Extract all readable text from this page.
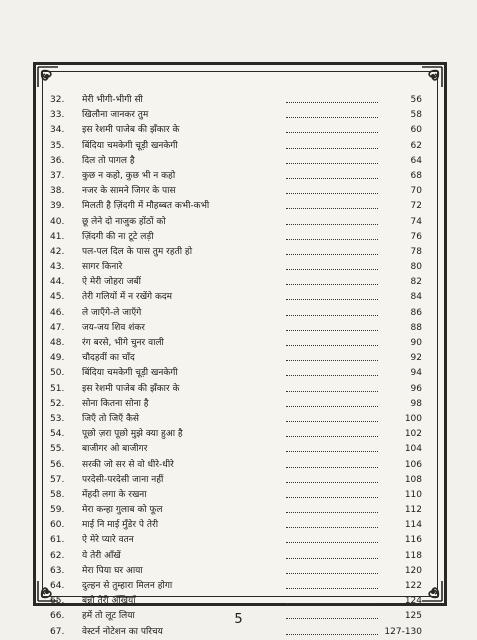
32.	मेरी भीगी-भीगी सी	56
33.	खिलौना जानकर तुम	58
34.	इस रेशमी पाजेब की झँकार के	60
35.	बिंदिया चमकेगी चूड़ी खनकेगी	62
36.	दिल तो पागल है	64
37.	कुछ न कहो, कुछ भी न कहो	68
38.	नजर के सामने जिगर के पास	70
39.	मिलती है ज़िंदगी में मौहब्बत कभी-कभी	72
40.	छू लेने दो नाजुक होंठों को	74
41.	ज़िंदगी की ना टूटे लड़ी	76
42.	पल-पल दिल के पास तुम रहती हो	78
43.	सागर किनारे	80
44.	ऐ मेरी जोहरा जबीं	82
45.	तेरी गलियों में न रखेंगे कदम	84
46.	ले जाएँगे-ले जाएँगे	86
47.	जय-जय शिव शंकर	88
48.	रंग बरसे, भीगे चुनर वाली	90
49.	चौदहवीं का चाँद	92
50.	बिंदिया चमकेगी चूड़ी खनकेगी	94
51.	इस रेशमी पाजेब की झँकार के	96
52.	सोना कितना सोना है	98
53.	जिएँ तो जिएँ कैसे	100
54.	पूछो ज़रा पूछो मुझे क्या हुआ है	102
55.	बाजीगर ओ बाजीगर	104
56.	सरकी जो सर से वो धीरे-धीरे	106
57.	परदेसी-परदेसी जाना नहीं	108
58.	मेंहदी लगा के रखना	110
59.	मेरा कन्हा गुलाब को फूल	112
60.	माई नि माई मुँडेर पे तेरी	114
61.	ऐ मेरे प्यारे वतन	116
62.	ये तेरी आँखें	118
63.	मेरा पिया घर आया	120
64.	दुल्हन से तुम्हारा मिलन होगा	122
65.	बन्नो तेरी अँखियाँ	124
66.	हमें तो लूट लिया	125
67.	वेस्टर्न नोटेशन का परिचय	127-130
5
